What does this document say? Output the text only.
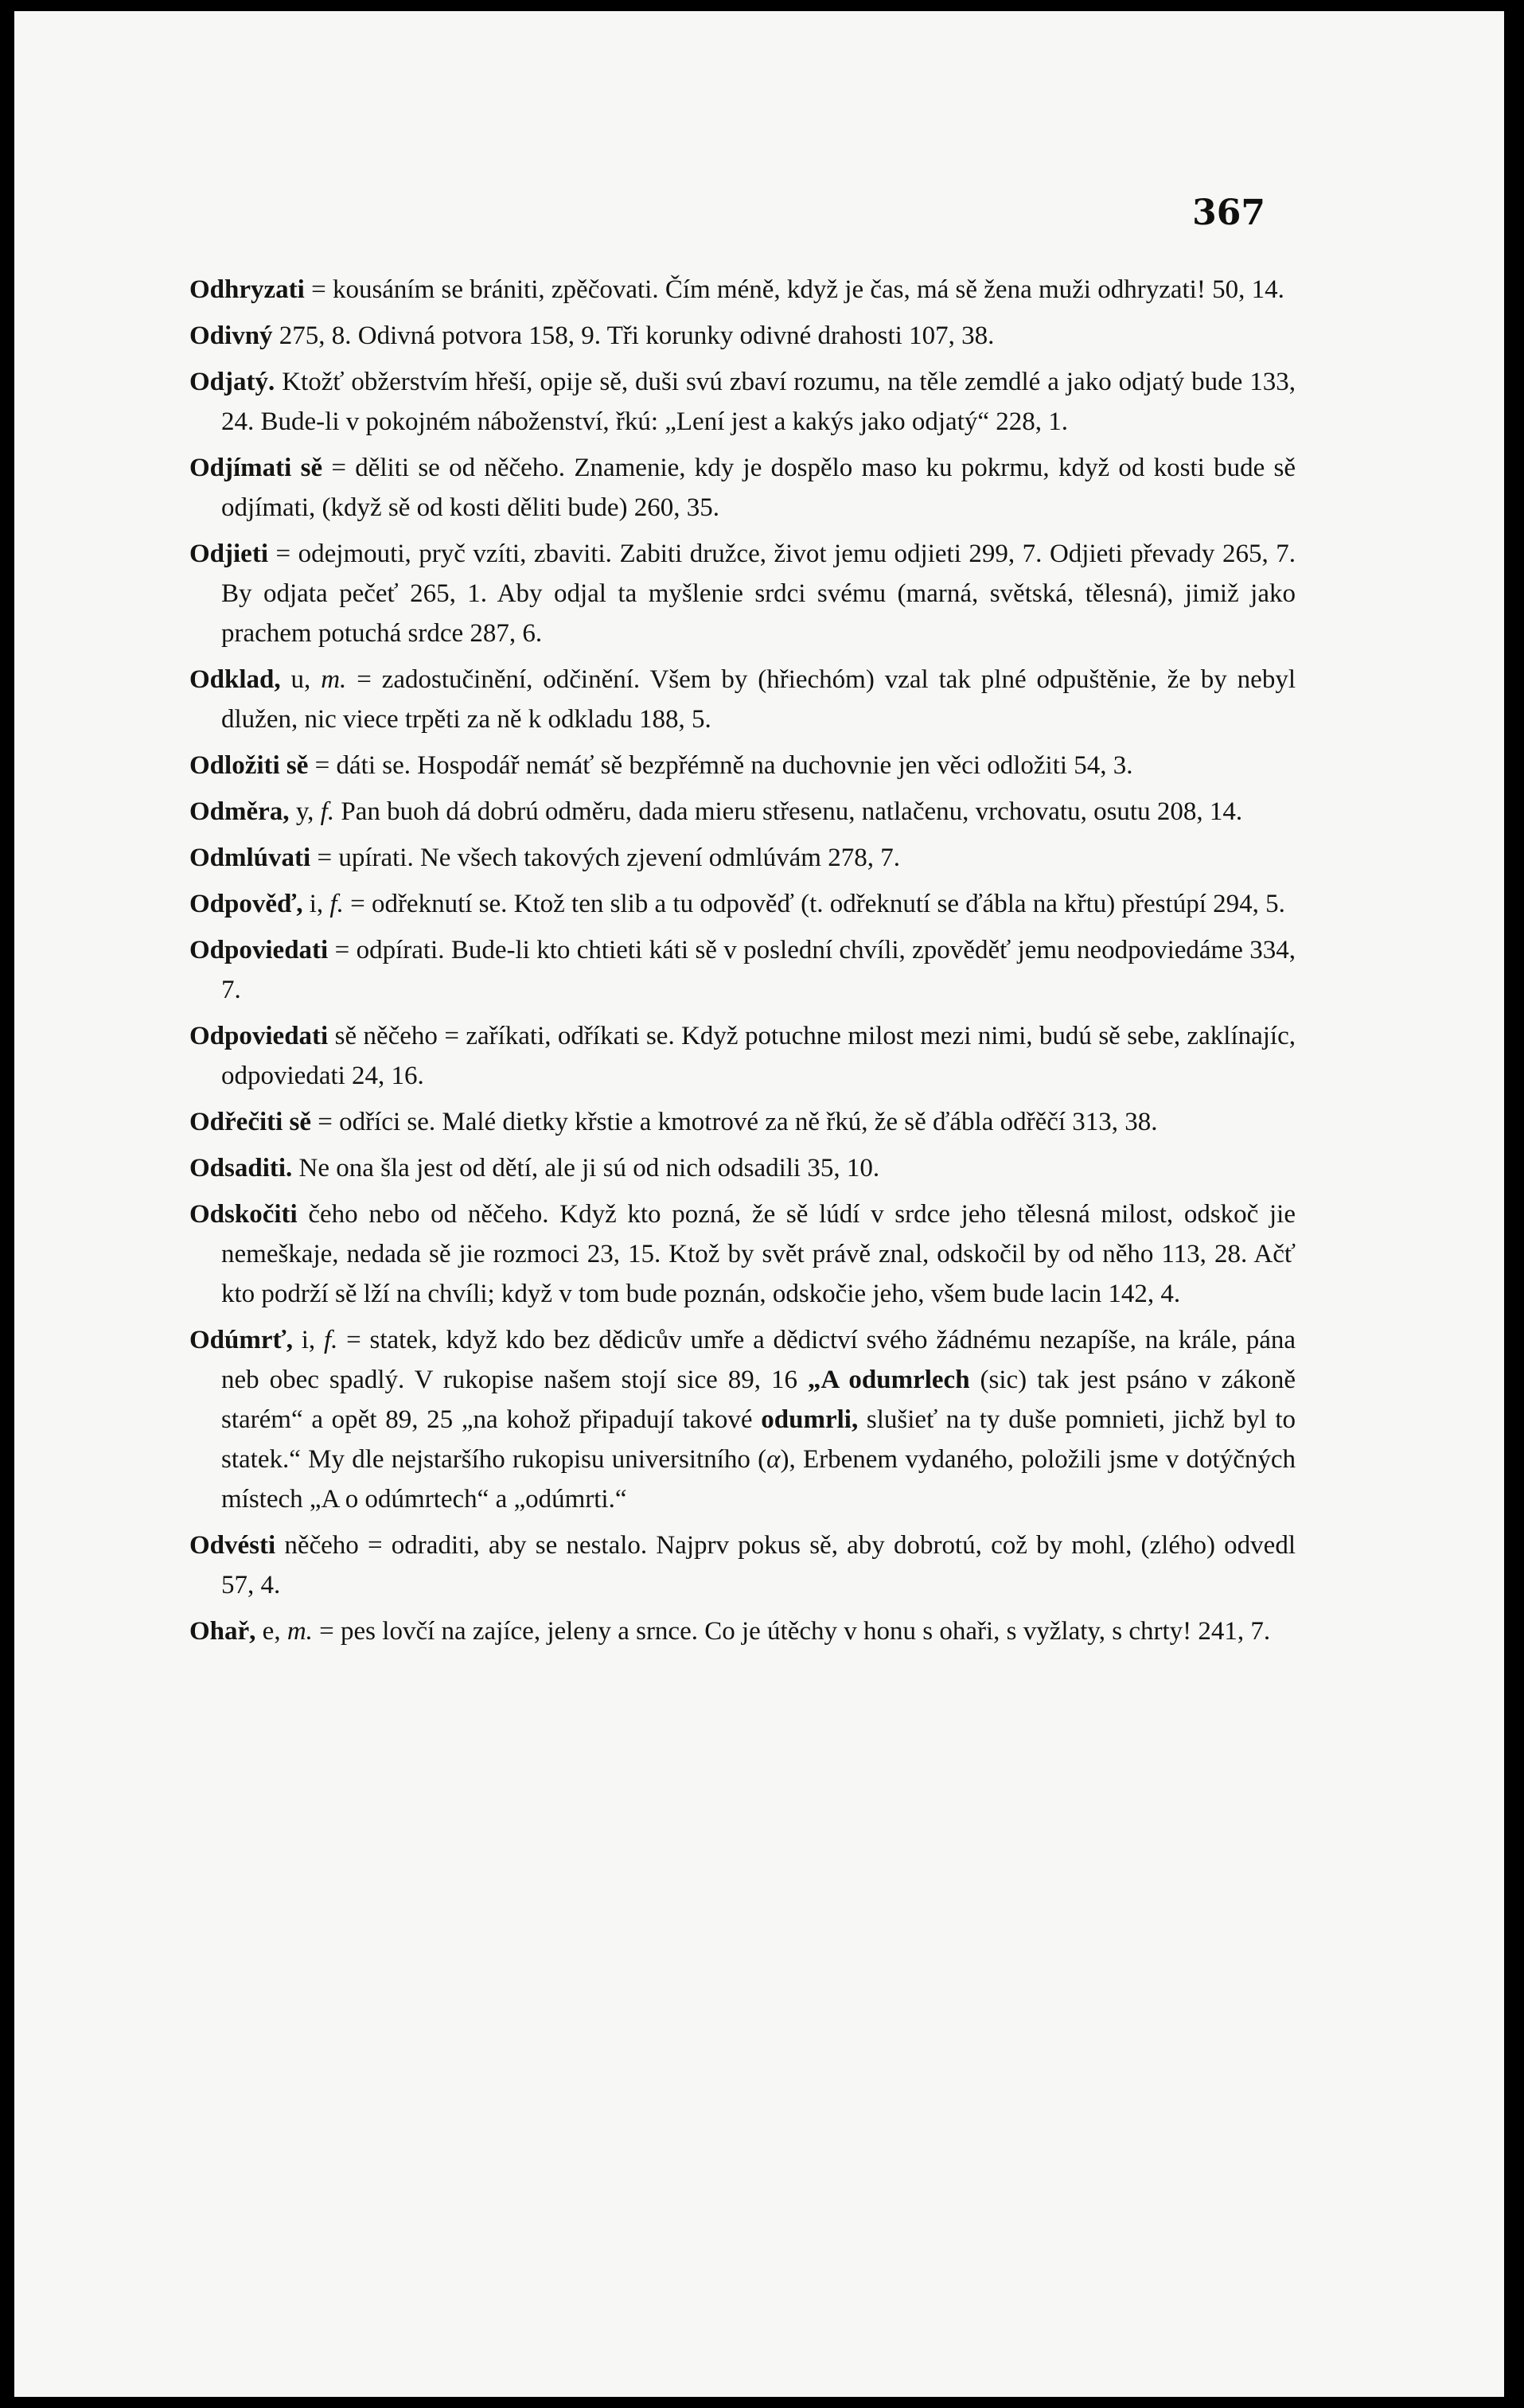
367

Odhryzati = kousáním se brániti, zpěčovati. Čím méně, když je čas, má sě žena muži odhryzati! 50, 14.

Odivný 275, 8. Odivná potvora 158, 9. Tři korunky odivné drahosti 107, 38.

Odjatý. Ktožť obžerstvím hřeší, opije sě, duši svú zbaví rozumu, na těle zemdlé a jako odjatý bude 133, 24. Bude-li v pokojném náboženství, řkú: „Lení jest a kakýs jako odjatý“ 228, 1.

Odjímati sě = děliti se od něčeho. Znamenie, kdy je dospělo maso ku pokrmu, když od kosti bude sě odjímati, (když sě od kosti děliti bude) 260, 35.

Odjieti = odejmouti, pryč vzíti, zbaviti. Zabiti družce, život jemu odjieti 299, 7. Odjieti převady 265, 7. By odjata pečeť 265, 1. Aby odjal ta myšlenie srdci svému (marná, světská, tělesná), jimiž jako prachem potuchá srdce 287, 6.

Odklad, u, m. = zadostučinění, odčinění. Všem by (hřiechóm) vzal tak plné odpuštěnie, že by nebyl dlužen, nic viece trpěti za ně k odkladu 188, 5.

Odložiti sě = dáti se. Hospodář nemáť sě bezpřémně na duchovnie jen věci odložiti 54, 3.

Odměra, y, f. Pan buoh dá dobrú odměru, dada mieru střesenu, natlačenu, vrchovatu, osutu 208, 14.

Odmlúvati = upírati. Ne všech takových zjevení odmlúvám 278, 7.

Odpověď, i, f. = odřeknutí se. Ktož ten slib a tu odpověď (t. odřeknutí se ďábla na křtu) přestúpí 294, 5.

Odpoviedati = odpírati. Bude-li kto chtieti káti sě v poslední chvíli, zpověděť jemu neodpoviedáme 334, 7.

Odpoviedati sě něčeho = zaříkati, odříkati se. Když potuchne milost mezi nimi, budú sě sebe, zaklínajíc, odpoviedati 24, 16.

Odřečiti sě = odříci se. Malé dietky křstie a kmotrové za ně řkú, že sě ďábla odřěčí 313, 38.

Odsaditi. Ne ona šla jest od dětí, ale ji sú od nich odsadili 35, 10.

Odskočiti čeho nebo od něčeho. Když kto pozná, že sě lúdí v srdce jeho tělesná milost, odskoč jie nemeškaje, nedada sě jie rozmoci 23, 15. Ktož by svět právě znal, odskočil by od něho 113, 28. Ačť kto podrží sě lží na chvíli; když v tom bude poznán, odskočie jeho, všem bude lacin 142, 4.

Odúmrť, i, f. = statek, když kdo bez dědicův umře a dědictví svého žádnému nezapíše, na krále, pána neb obec spadlý. V rukopise našem stojí sice 89, 16 „A odumrlech (sic) tak jest psáno v zákoně starém“ a opět 89, 25 „na kohož připadují takové odumrli, slušieť na ty duše pomnieti, jichž byl to statek.“ My dle nejstaršího rukopisu universitního (α), Erbenem vydaného, položili jsme v dotýčných místech „A o odúmrtech“ a „odúmrti.“

Odvésti něčeho = odraditi, aby se nestalo. Najprv pokus sě, aby dobrotú, což by mohl, (zlého) odvedl 57, 4.

Ohař, e, m. = pes lovčí na zajíce, jeleny a srnce. Co je útěchy v honu s ohaři, s vyžlaty, s chrty! 241, 7.
